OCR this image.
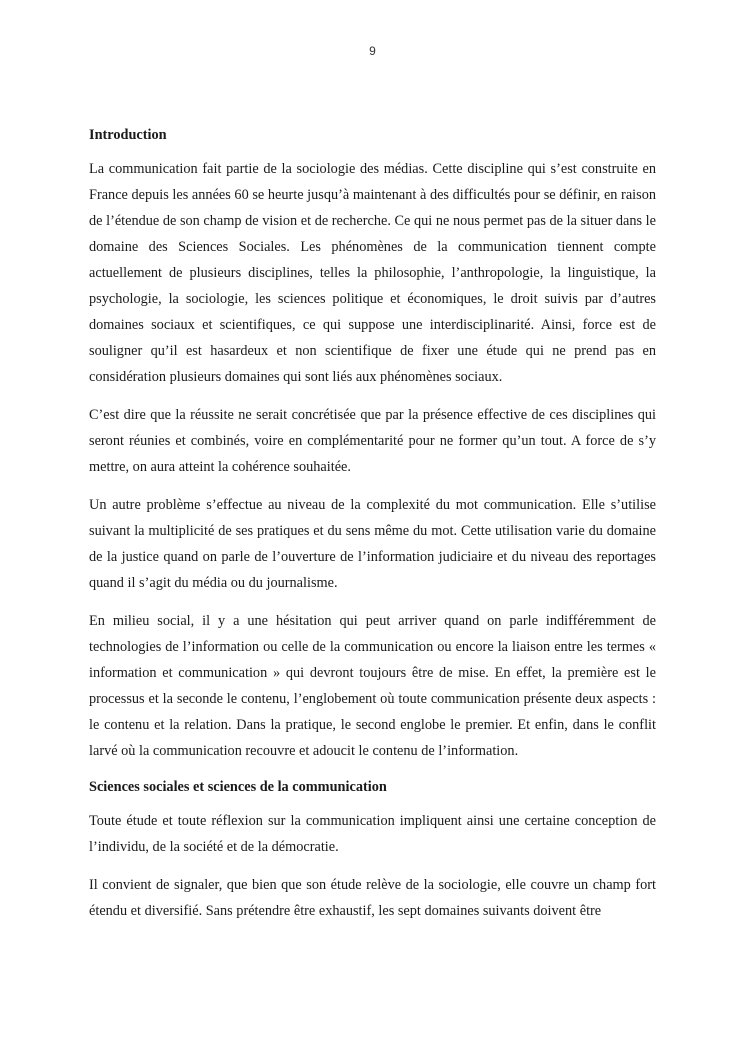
9
Introduction

La communication fait partie de la sociologie des médias. Cette discipline qui s’est construite en France depuis les années 60 se heurte jusqu’à maintenant à des difficultés pour se définir, en raison de l’étendue de son champ de vision et de recherche. Ce qui ne nous permet pas de la situer dans le domaine des Sciences Sociales. Les phénomènes de la communication tiennent compte actuellement de plusieurs disciplines, telles la philosophie, l’anthropologie, la linguistique, la psychologie, la sociologie, les sciences politique et économiques, le droit suivis par d’autres domaines sociaux et scientifiques, ce qui suppose une interdisciplinarité. Ainsi, force est de souligner qu’il est hasardeux et non scientifique de fixer une étude qui ne prend pas en considération plusieurs domaines qui sont liés aux phénomènes sociaux.

C’est dire que la réussite ne serait concrétisée que par la présence effective de ces disciplines qui seront réunies et combinés, voire en complémentarité pour ne former qu’un tout. A force de s’y mettre, on aura atteint la cohérence souhaitée.

Un autre problème s’effectue au niveau de la complexité du mot communication. Elle s’utilise suivant la multiplicité de ses pratiques et du sens même du mot. Cette utilisation varie du domaine de la justice quand on parle de l’ouverture de l’information judiciaire et du niveau des reportages quand il s’agit du média ou du journalisme.

En milieu social, il y a une hésitation qui peut arriver quand on parle indifféremment de technologies de l’information ou celle de la communication ou encore la liaison entre les termes « information et communication » qui devront toujours être de mise. En effet, la première est le processus et la seconde le contenu, l’englobement où toute communication présente deux aspects : le contenu et la relation. Dans la pratique, le second englobe le premier. Et enfin, dans le conflit larvé où la communication recouvre et adoucit le contenu de l’information.

Sciences sociales et sciences de la communication

Toute étude et toute réflexion sur la communication impliquent ainsi une certaine conception de l’individu, de la société et de la démocratie.

Il convient de signaler, que bien que son étude relève de la sociologie, elle couvre un champ fort étendu et diversifié. Sans prétendre être exhaustif, les sept domaines suivants doivent être
